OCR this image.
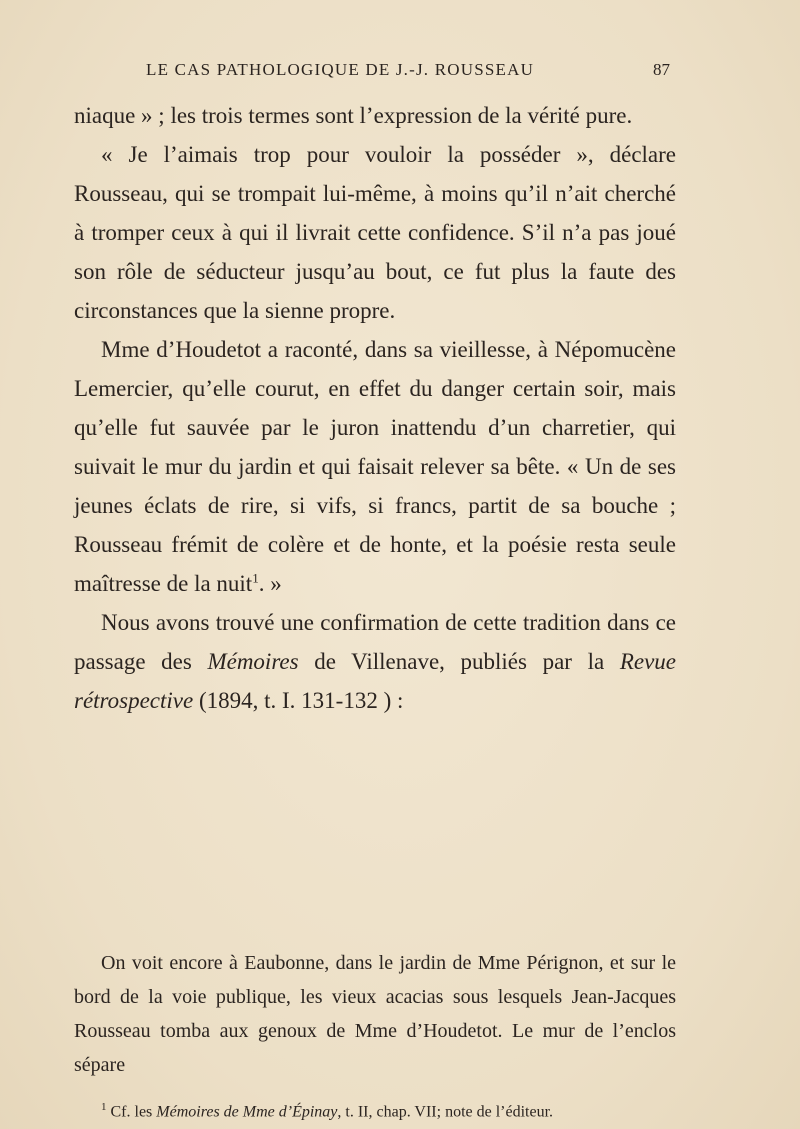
LE CAS PATHOLOGIQUE DE J.-J. ROUSSEAU	87

niaque » ; les trois termes sont l’expression de la vérité pure.

« Je l’aimais trop pour vouloir la posséder », déclare Rousseau, qui se trompait lui-même, à moins qu’il n’ait cherché à tromper ceux à qui il livrait cette confidence. S’il n’a pas joué son rôle de séducteur jusqu’au bout, ce fut plus la faute des circonstances que la sienne propre.

Mme d’Houdetot a raconté, dans sa vieillesse, à Népomucène Lemercier, qu’elle courut, en effet du danger certain soir, mais qu’elle fut sauvée par le juron inattendu d’un charretier, qui suivait le mur du jardin et qui faisait relever sa bête. « Un de ses jeunes éclats de rire, si vifs, si francs, partit de sa bouche ; Rousseau frémit de colère et de honte, et la poésie resta seule maîtresse de la nuit$^1$. »

Nous avons trouvé une confirmation de cette tradition dans ce passage des Mémoires de Villenave, publiés par la Revue rétrospective (1894, t. I. 131-132 ) :

On voit encore à Eaubonne, dans le jardin de Mme Pérignon, et sur le bord de la voie publique, les vieux acacias sous lesquels Jean-Jacques Rousseau tomba aux genoux de Mme d’Houdetot. Le mur de l’enclos sépare
$^1$ Cf. les Mémoires de Mme d’Épinay, t. II, chap. VII; note de l’éditeur.
